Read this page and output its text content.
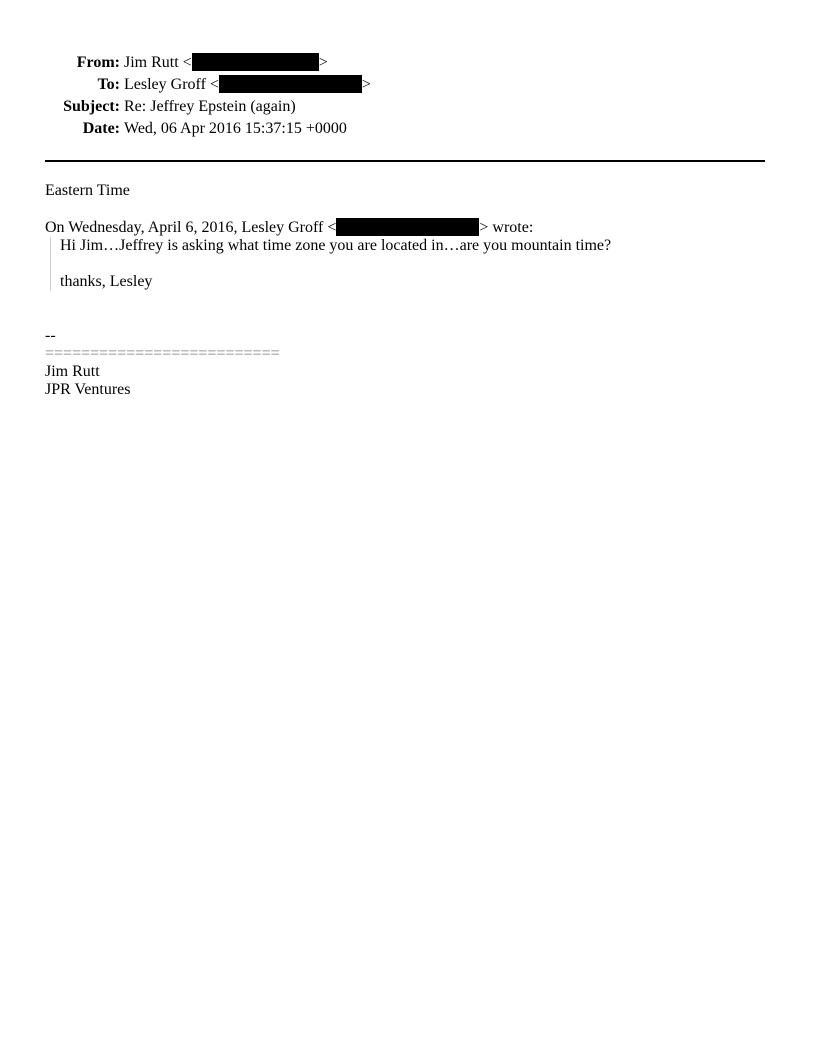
From: Jim Rutt <	>
To: Lesley Groff <	>
Subject: Re: Jeffrey Epstein (again)
Date: Wed, 06 Apr 2016 15:37:15 +0000
Eastern Time
On Wednesday, April 6, 2016, Lesley Groff <	> wrote:
Hi Jim…Jeffrey is asking what time zone you are located in…are you mountain time?
thanks, Lesley
--
==========================
Jim Rutt
JPR Ventures
